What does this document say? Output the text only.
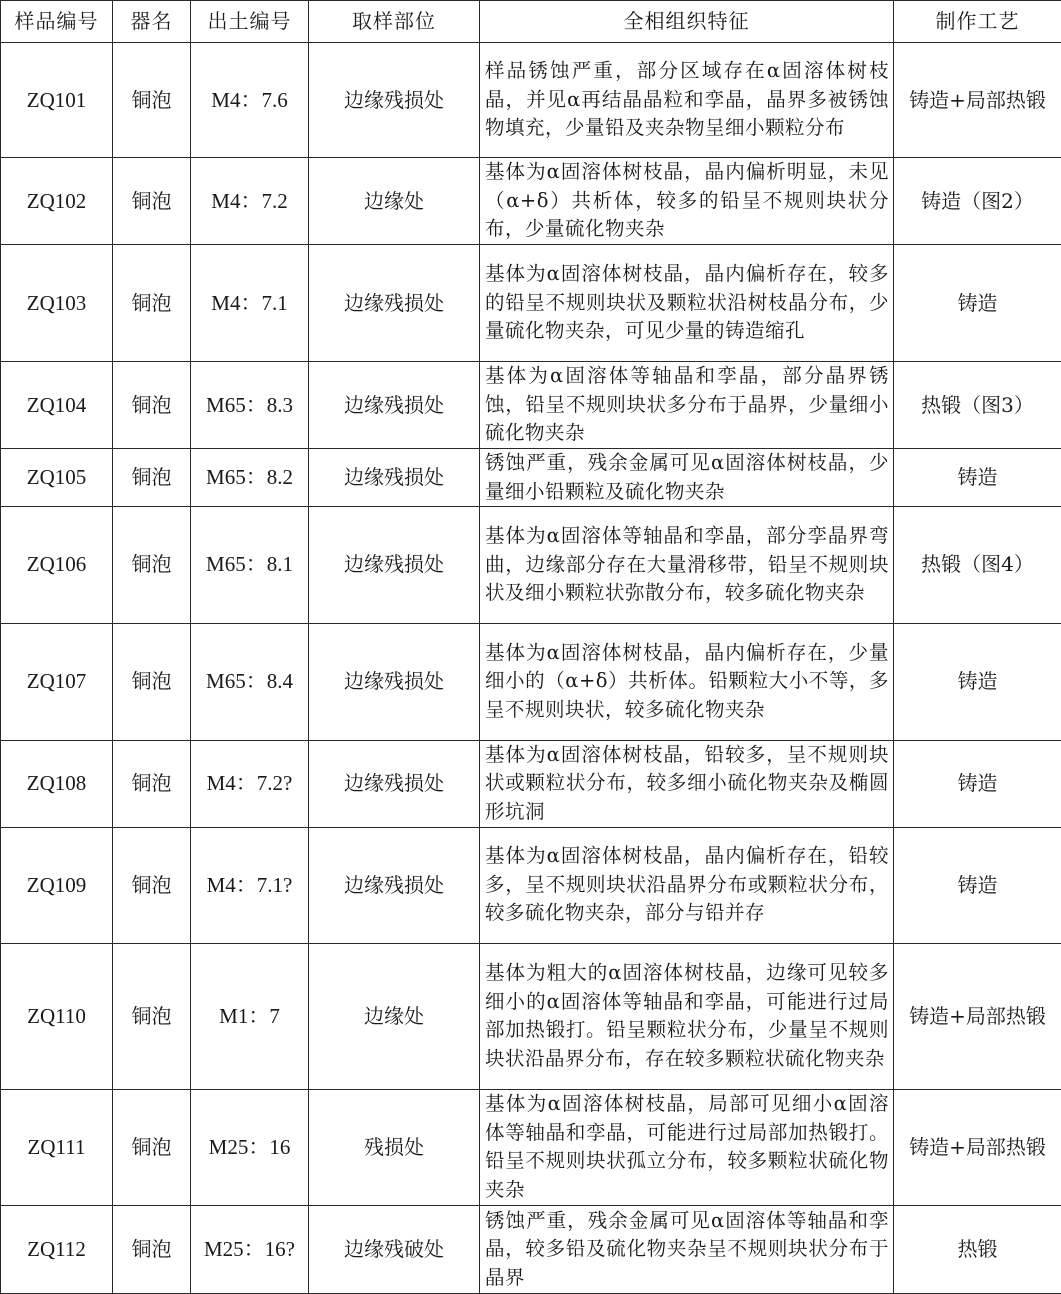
样品编号	器名	出土编号	取样部位	全相组织特征	制作工艺
ZQ101	铜泡	M4：7.6	边缘残损处	样品锈蚀严重，部分区域存在α固溶体树枝晶，并见α再结晶晶粒和孪晶，晶界多被锈蚀物填充，少量铅及夹杂物呈细小颗粒分布	铸造+局部热锻
ZQ102	铜泡	M4：7.2	边缘处	基体为α固溶体树枝晶，晶内偏析明显，未见（α+δ）共析体，较多的铅呈不规则块状分布，少量硫化物夹杂	铸造（图2）
ZQ103	铜泡	M4：7.1	边缘残损处	基体为α固溶体树枝晶，晶内偏析存在，较多的铅呈不规则块状及颗粒状沿树枝晶分布，少量硫化物夹杂，可见少量的铸造缩孔	铸造
ZQ104	铜泡	M65：8.3	边缘残损处	基体为α固溶体等轴晶和孪晶，部分晶界锈蚀，铅呈不规则块状多分布于晶界，少量细小硫化物夹杂	热锻（图3）
ZQ105	铜泡	M65：8.2	边缘残损处	锈蚀严重，残余金属可见α固溶体树枝晶，少量细小铅颗粒及硫化物夹杂	铸造
ZQ106	铜泡	M65：8.1	边缘残损处	基体为α固溶体等轴晶和孪晶，部分孪晶界弯曲，边缘部分存在大量滑移带，铅呈不规则块状及细小颗粒状弥散分布，较多硫化物夹杂	热锻（图4）
ZQ107	铜泡	M65：8.4	边缘残损处	基体为α固溶体树枝晶，晶内偏析存在，少量细小的（α+δ）共析体。铅颗粒大小不等，多呈不规则块状，较多硫化物夹杂	铸造
ZQ108	铜泡	M4：7.2?	边缘残损处	基体为α固溶体树枝晶，铅较多，呈不规则块状或颗粒状分布，较多细小硫化物夹杂及椭圆形坑洞	铸造
ZQ109	铜泡	M4：7.1?	边缘残损处	基体为α固溶体树枝晶，晶内偏析存在，铅较多，呈不规则块状沿晶界分布或颗粒状分布，较多硫化物夹杂，部分与铅并存	铸造
ZQ110	铜泡	M1：7	边缘处	基体为粗大的α固溶体树枝晶，边缘可见较多细小的α固溶体等轴晶和孪晶，可能进行过局部加热锻打。铅呈颗粒状分布，少量呈不规则块状沿晶界分布，存在较多颗粒状硫化物夹杂	铸造+局部热锻
ZQ111	铜泡	M25：16	残损处	基体为α固溶体树枝晶，局部可见细小α固溶体等轴晶和孪晶，可能进行过局部加热锻打。铅呈不规则块状孤立分布，较多颗粒状硫化物夹杂	铸造+局部热锻
ZQ112	铜泡	M25：16?	边缘残破处	锈蚀严重，残余金属可见α固溶体等轴晶和孪晶，较多铅及硫化物夹杂呈不规则块状分布于晶界	热锻
